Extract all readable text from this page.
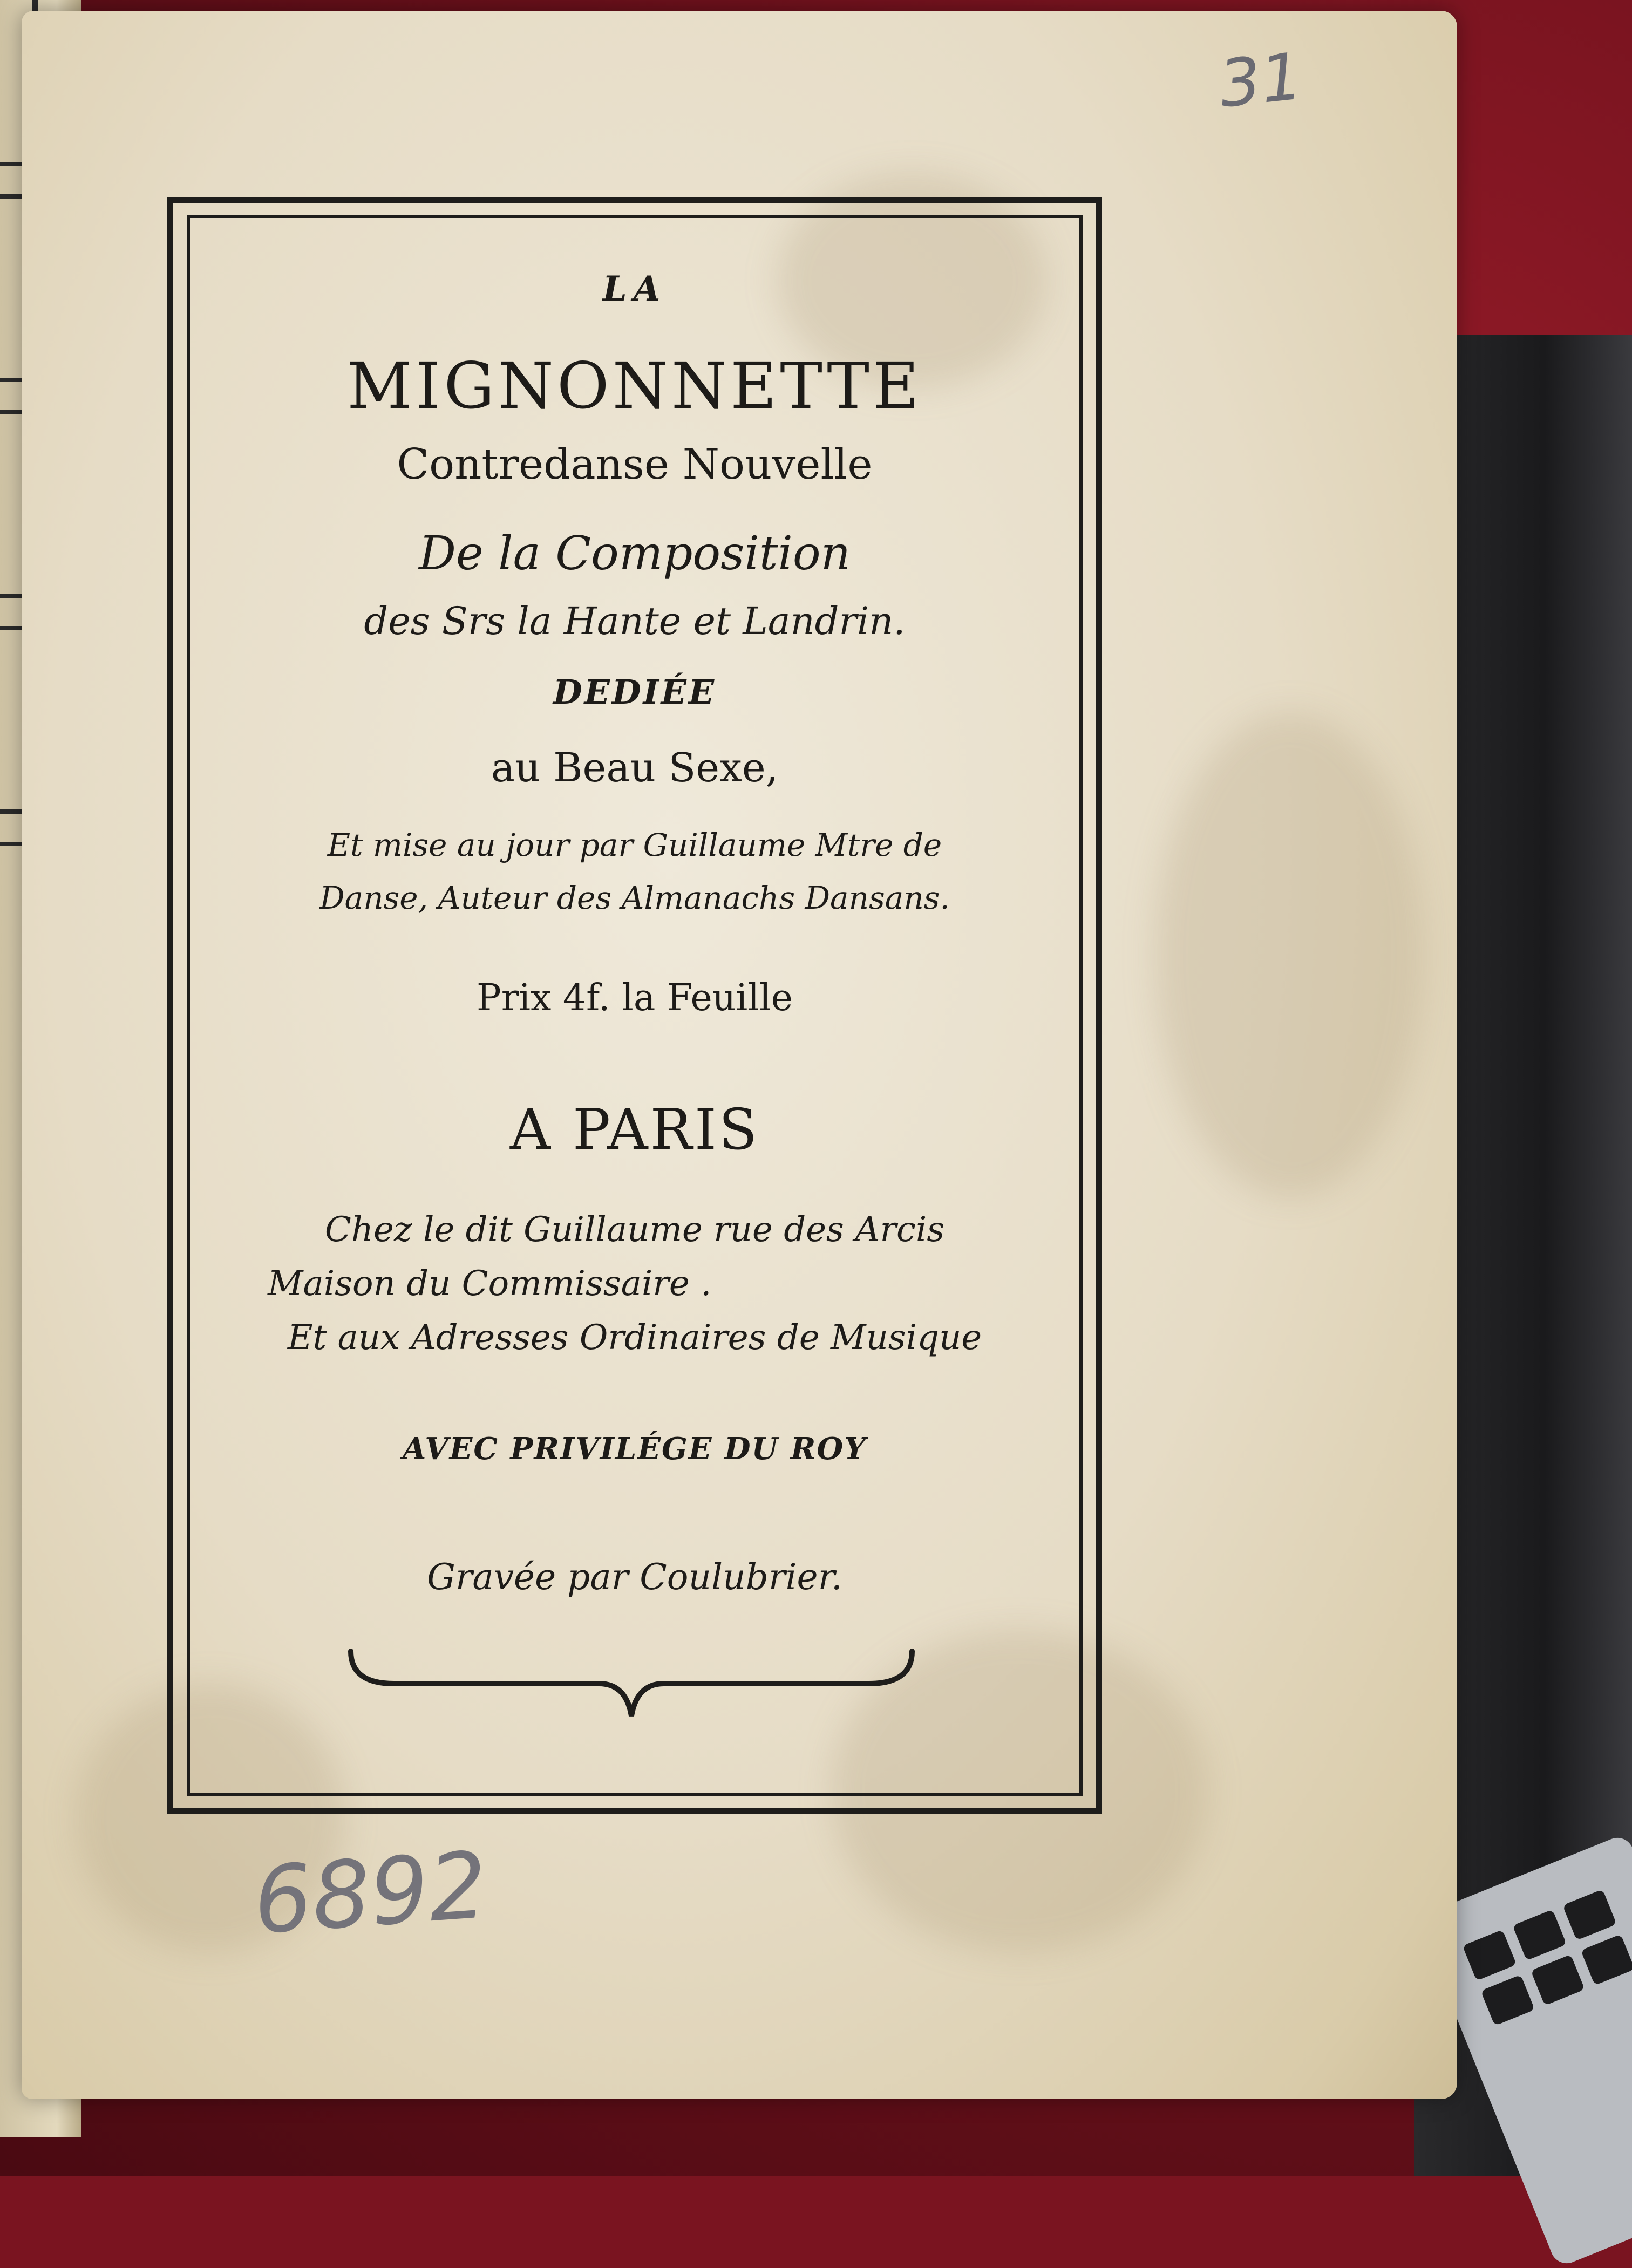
31
LA
MIGNONNETTE
Contredanse Nouvelle
De la Composition
des Srs la Hante et Landrin.
DEDIÉE
au Beau Sexe,
Et mise au jour par Guillaume Mtre de
Danse, Auteur des Almanachs Dansans.
Prix 4f. la Feuille
A PARIS
Chez le dit Guillaume rue des Arcis
Maison du Commissaire .
Et aux Adresses Ordinaires de Musique
AVEC PRIVILÉGE DU ROY
Gravée par Coulubrier.
6892
